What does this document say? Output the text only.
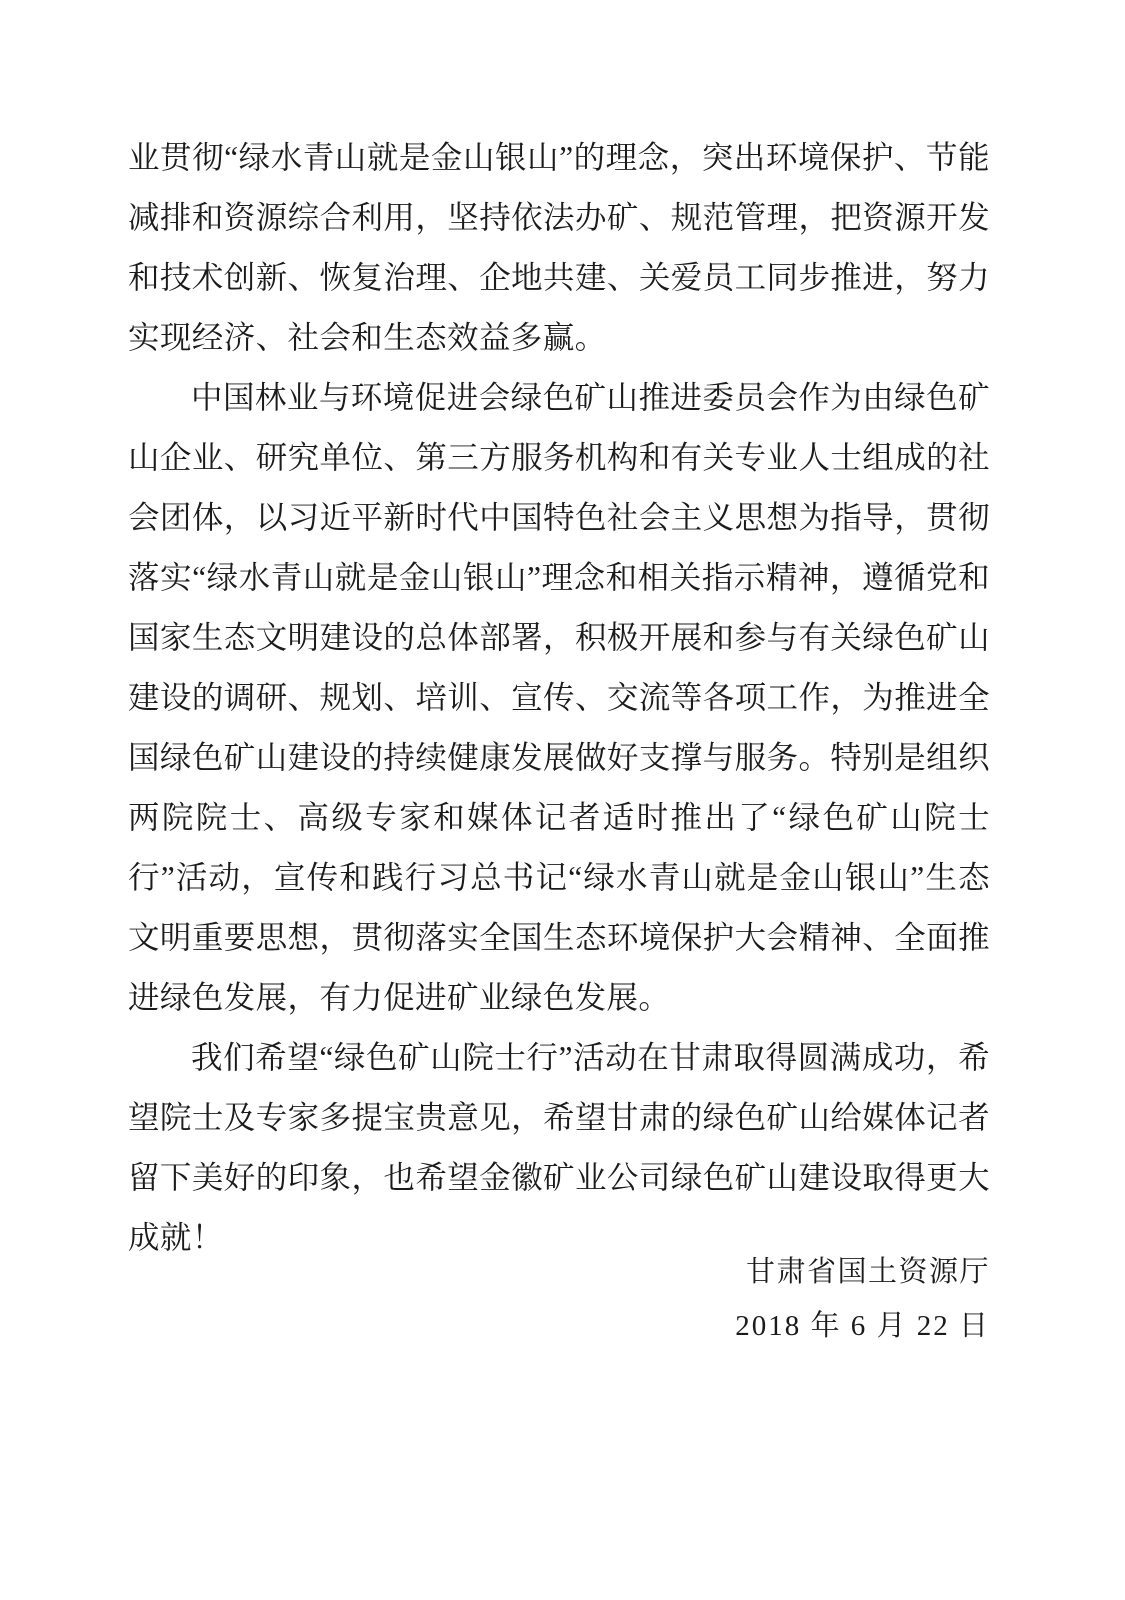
业贯彻“绿水青山就是金山银山”的理念，突出环境保护、节能减排和资源综合利用，坚持依法办矿、规范管理，把资源开发和技术创新、恢复治理、企地共建、关爱员工同步推进，努力实现经济、社会和生态效益多赢。

中国林业与环境促进会绿色矿山推进委员会作为由绿色矿山企业、研究单位、第三方服务机构和有关专业人士组成的社会团体，以习近平新时代中国特色社会主义思想为指导，贯彻落实“绿水青山就是金山银山”理念和相关指示精神，遵循党和国家生态文明建设的总体部署，积极开展和参与有关绿色矿山建设的调研、规划、培训、宣传、交流等各项工作，为推进全国绿色矿山建设的持续健康发展做好支撑与服务。特别是组织两院院士、高级专家和媒体记者适时推出了“绿色矿山院士行”活动，宣传和践行习总书记“绿水青山就是金山银山”生态文明重要思想，贯彻落实全国生态环境保护大会精神、全面推进绿色发展，有力促进矿业绿色发展。

我们希望“绿色矿山院士行”活动在甘肃取得圆满成功，希望院士及专家多提宝贵意见，希望甘肃的绿色矿山给媒体记者留下美好的印象，也希望金徽矿业公司绿色矿山建设取得更大成就！

甘肃省国土资源厅
2018 年 6 月 22 日
